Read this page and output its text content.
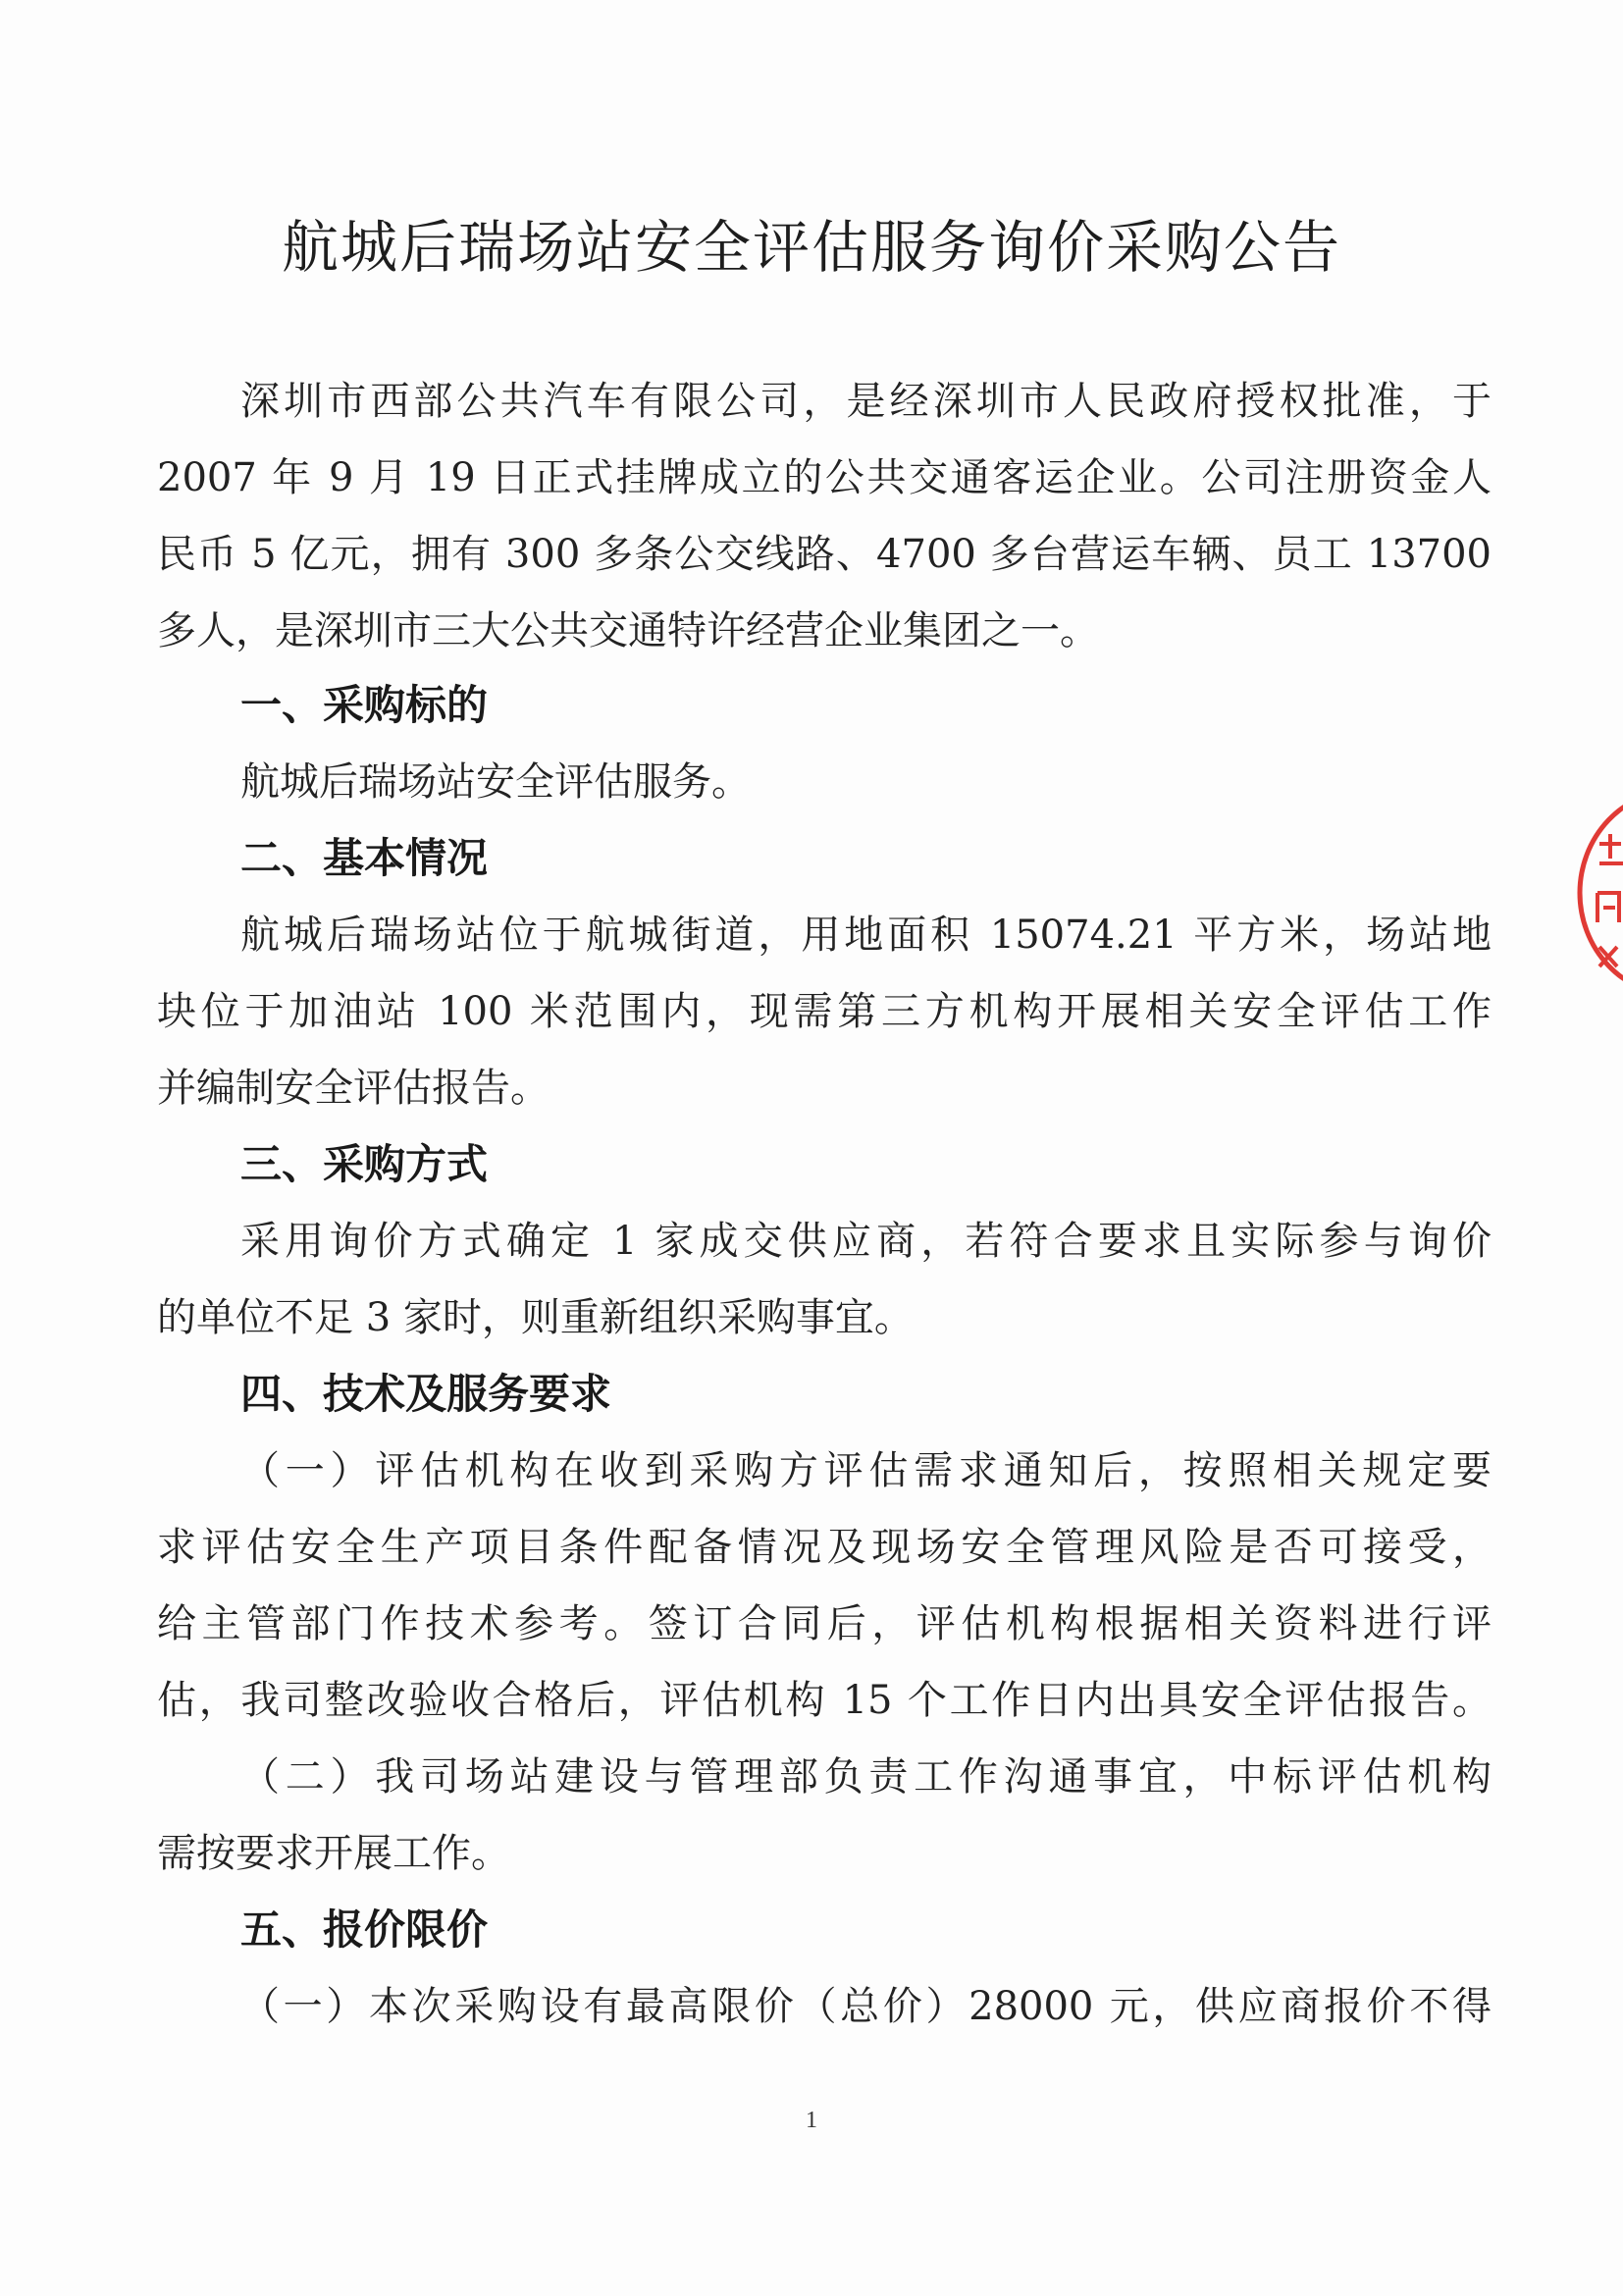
航城后瑞场站安全评估服务询价采购公告
深圳市西部公共汽车有限公司，是经深圳市人民政府授权批准，于
2007 年 9 月 19 日正式挂牌成立的公共交通客运企业。公司注册资金人
民币 5 亿元，拥有 300 多条公交线路、4700 多台营运车辆、员工 13700
多人，是深圳市三大公共交通特许经营企业集团之一。
一、采购标的
航城后瑞场站安全评估服务。
二、基本情况
航城后瑞场站位于航城街道，用地面积 15074.21 平方米，场站地
块位于加油站 100 米范围内，现需第三方机构开展相关安全评估工作
并编制安全评估报告。
三、采购方式
采用询价方式确定 1 家成交供应商，若符合要求且实际参与询价
的单位不足 3 家时，则重新组织采购事宜。
四、技术及服务要求
（一）评估机构在收到采购方评估需求通知后，按照相关规定要
求评估安全生产项目条件配备情况及现场安全管理风险是否可接受，
给主管部门作技术参考。签订合同后，评估机构根据相关资料进行评
估，我司整改验收合格后，评估机构 15 个工作日内出具安全评估报告。
（二）我司场站建设与管理部负责工作沟通事宜，中标评估机构
需按要求开展工作。
五、报价限价
（一）本次采购设有最高限价（总价）28000 元，供应商报价不得
1
